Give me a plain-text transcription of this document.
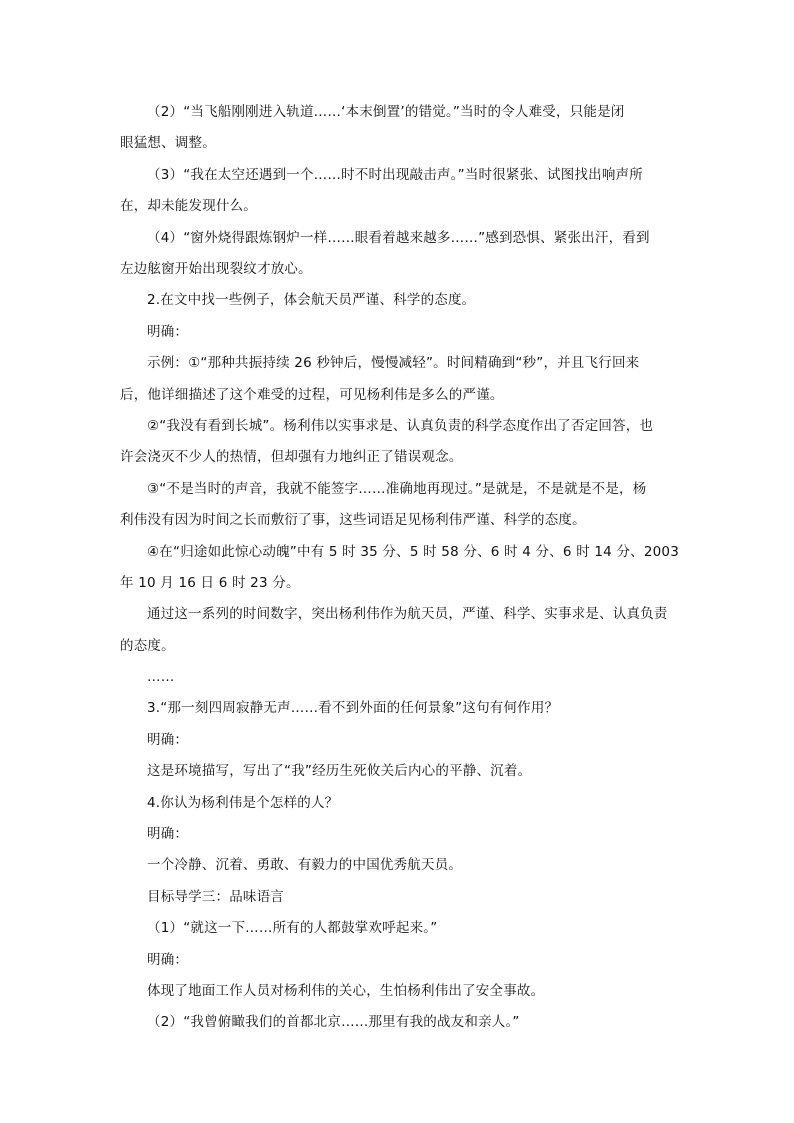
（2）“当飞船刚刚进入轨道……‘本末倒置’的错觉。”当时的令人难受，只能是闭
眼猛想、调整。
（3）“我在太空还遇到一个……时不时出现敲击声。”当时很紧张、试图找出响声所
在，却未能发现什么。
（4）“窗外烧得跟炼钢炉一样……眼看着越来越多……”感到恐惧、紧张出汗，看到
左边舷窗开始出现裂纹才放心。
2.在文中找一些例子，体会航天员严谨、科学的态度。
明确：
示例：①“那种共振持续 26 秒钟后，慢慢减轻”。时间精确到“秒”，并且飞行回来
后，他详细描述了这个难受的过程，可见杨利伟是多么的严谨。
②“我没有看到长城”。杨利伟以实事求是、认真负责的科学态度作出了否定回答，也
许会浇灭不少人的热情，但却强有力地纠正了错误观念。
③“不是当时的声音，我就不能签字……准确地再现过。”是就是，不是就是不是，杨
利伟没有因为时间之长而敷衍了事，这些词语足见杨利伟严谨、科学的态度。
④在“归途如此惊心动魄”中有 5 时 35 分、5 时 58 分、6 时 4 分、6 时 14 分、2003
年 10 月 16 日 6 时 23 分。
通过这一系列的时间数字，突出杨利伟作为航天员，严谨、科学、实事求是、认真负责
的态度。
……
3.“那一刻四周寂静无声……看不到外面的任何景象”这句有何作用？
明确：
这是环境描写，写出了“我”经历生死攸关后内心的平静、沉着。
4.你认为杨利伟是个怎样的人？
明确：
一个冷静、沉着、勇敢、有毅力的中国优秀航天员。
目标导学三：品味语言
（1）“就这一下……所有的人都鼓掌欢呼起来。”
明确：
体现了地面工作人员对杨利伟的关心，生怕杨利伟出了安全事故。
（2）“我曾俯瞰我们的首都北京……那里有我的战友和亲人。”
